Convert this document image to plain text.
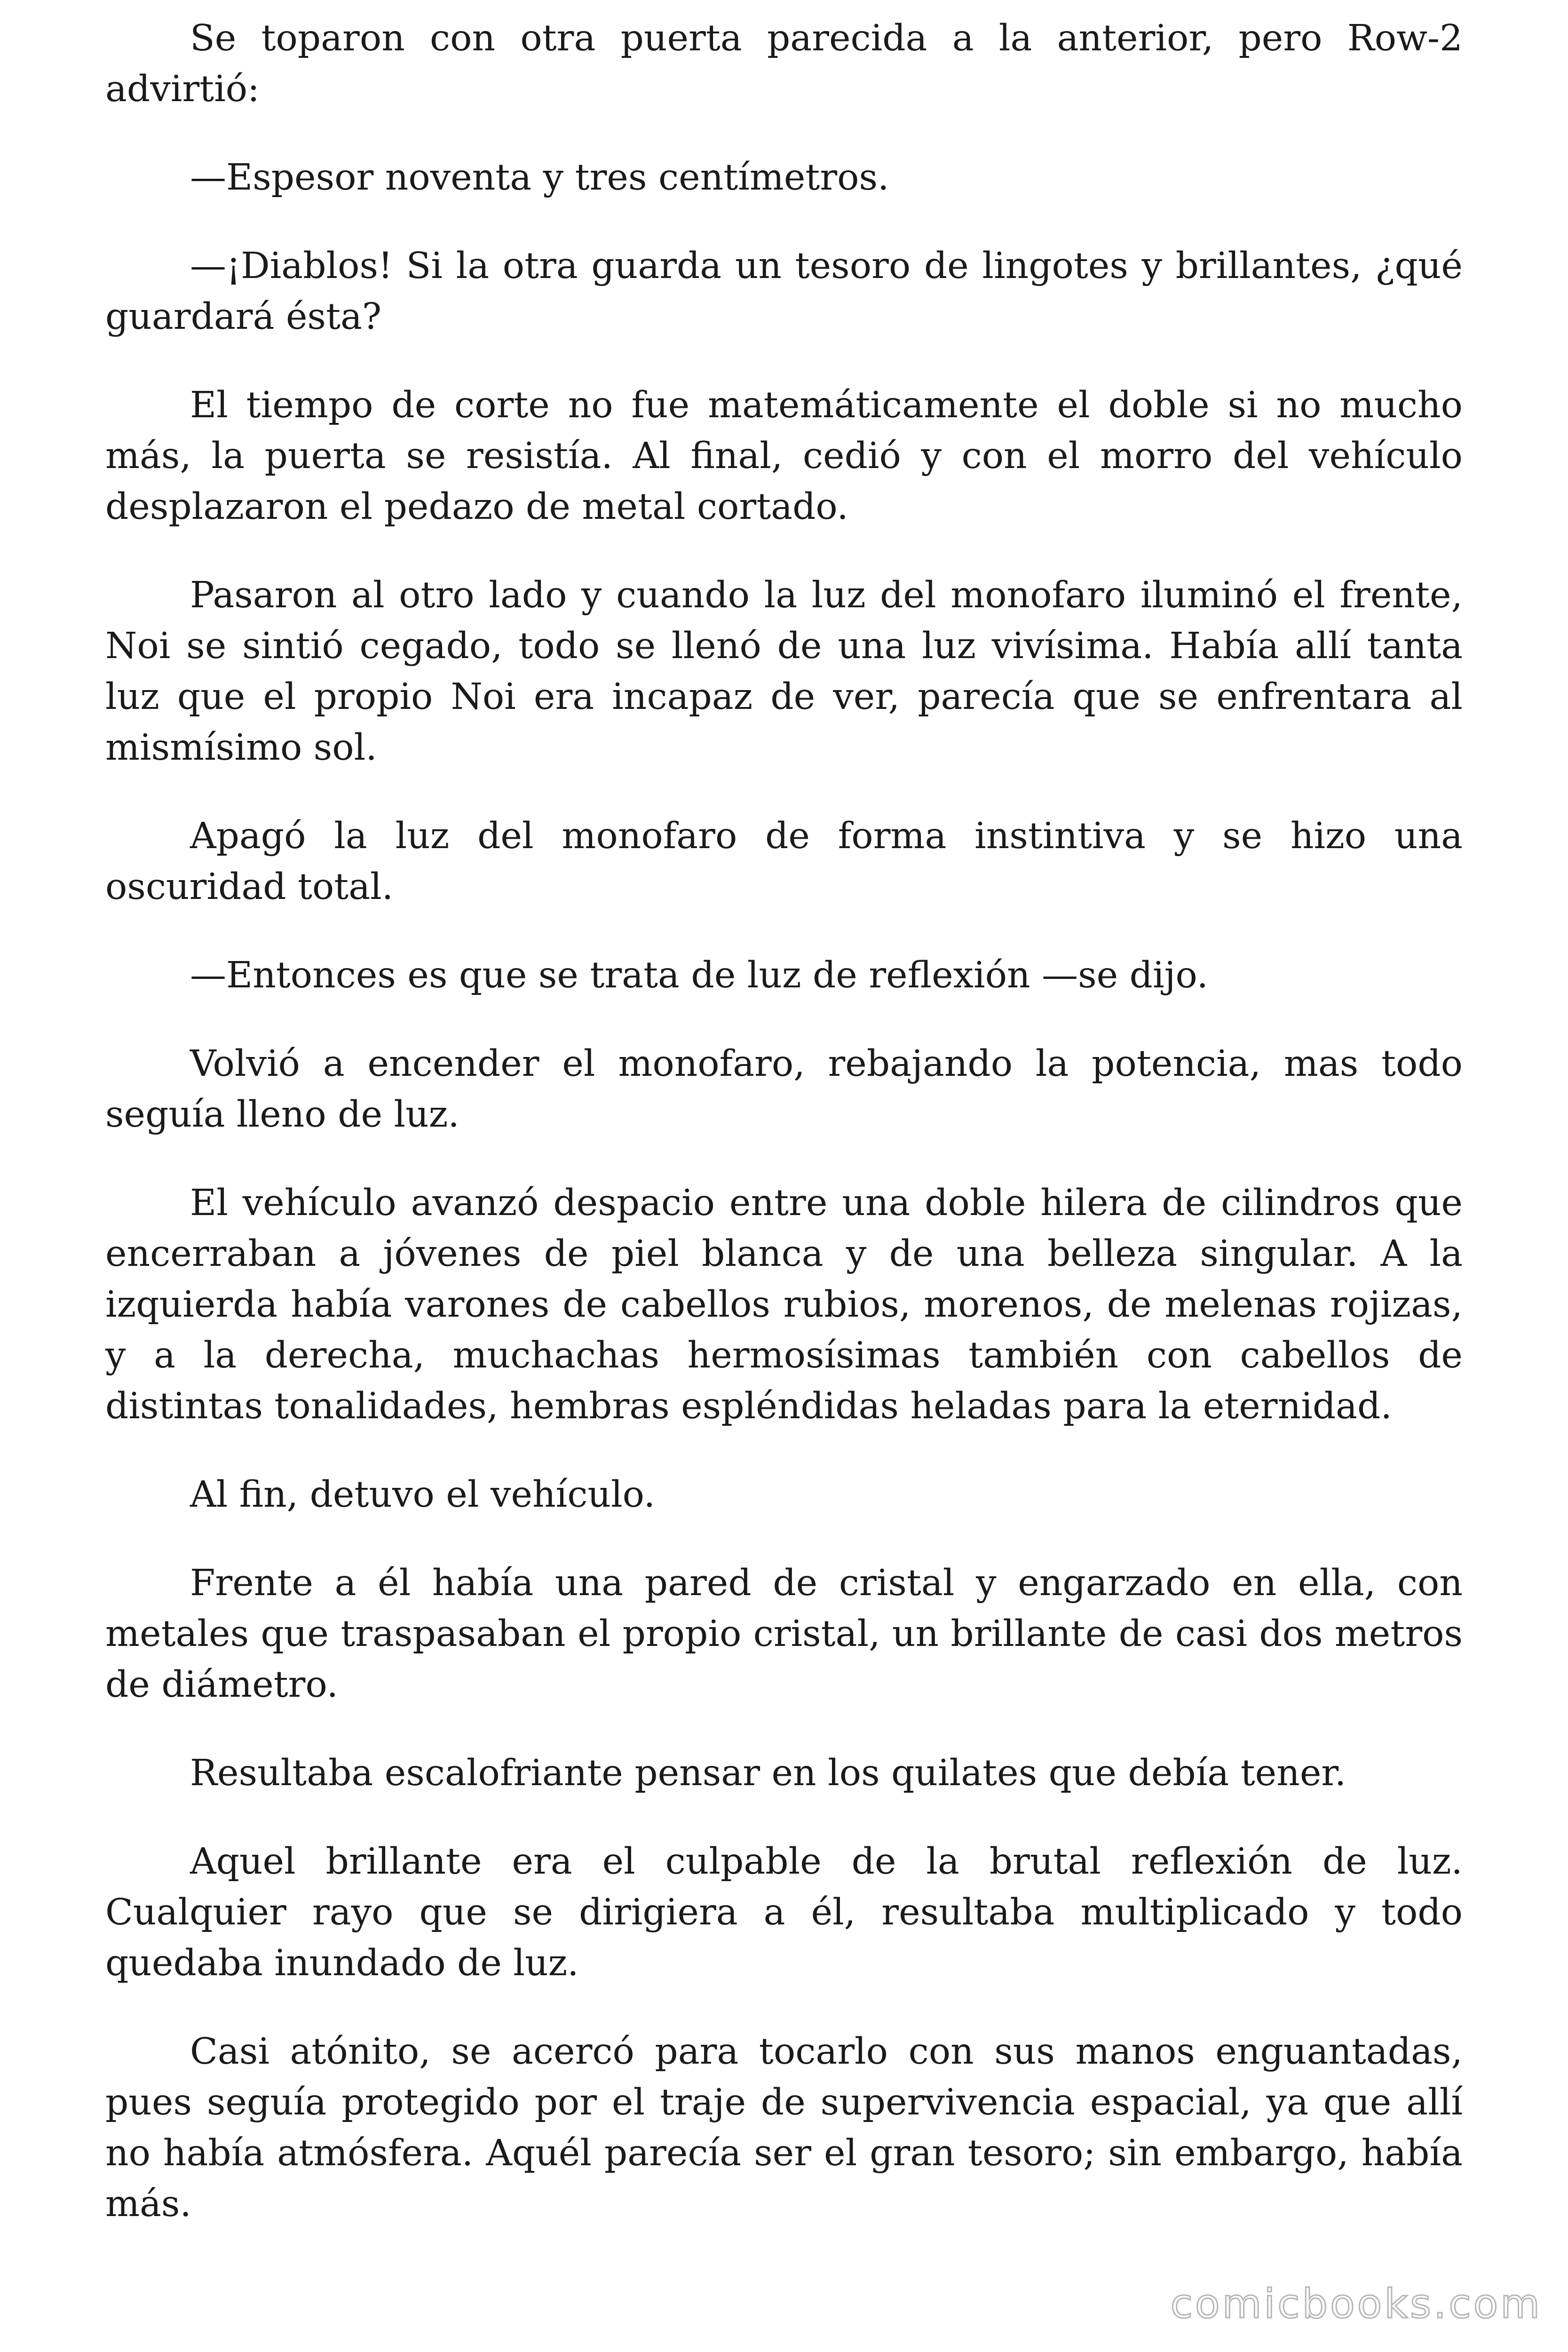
Se toparon con otra puerta parecida a la anterior, pero Row-2 advirtió:

—Espesor noventa y tres centímetros.

—¡Diablos! Si la otra guarda un tesoro de lingotes y brillantes, ¿qué guardará ésta?

El tiempo de corte no fue matemáticamente el doble si no mucho más, la puerta se resistía. Al final, cedió y con el morro del vehículo desplazaron el pedazo de metal cortado.

Pasaron al otro lado y cuando la luz del monofaro iluminó el frente, Noi se sintió cegado, todo se llenó de una luz vivísima. Había allí tanta luz que el propio Noi era incapaz de ver, parecía que se enfrentara al mismísimo sol.

Apagó la luz del monofaro de forma instintiva y se hizo una oscuridad total.

—Entonces es que se trata de luz de reflexión —se dijo.

Volvió a encender el monofaro, rebajando la potencia, mas todo seguía lleno de luz.

El vehículo avanzó despacio entre una doble hilera de cilindros que encerraban a jóvenes de piel blanca y de una belleza singular. A la izquierda había varones de cabellos rubios, morenos, de melenas rojizas, y a la derecha, muchachas hermosísimas también con cabellos de distintas tonalidades, hembras espléndidas heladas para la eternidad.

Al fin, detuvo el vehículo.

Frente a él había una pared de cristal y engarzado en ella, con metales que traspasaban el propio cristal, un brillante de casi dos metros de diámetro.

Resultaba escalofriante pensar en los quilates que debía tener.

Aquel brillante era el culpable de la brutal reflexión de luz. Cualquier rayo que se dirigiera a él, resultaba multiplicado y todo quedaba inundado de luz.

Casi atónito, se acercó para tocarlo con sus manos enguantadas, pues seguía protegido por el traje de supervivencia espacial, ya que allí no había atmósfera. Aquél parecía ser el gran tesoro; sin embargo, había más.

comicbooks.com
